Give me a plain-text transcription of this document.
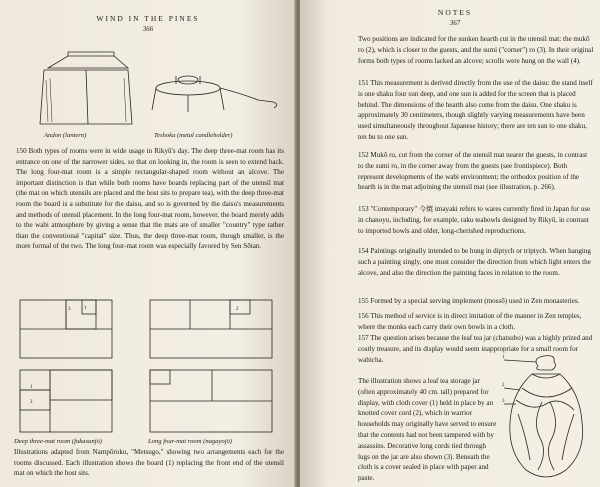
WIND IN THE PINES
366
Andon (lantern)	Teshoku (metal candleholder)
150 Both types of rooms were in wide usage in Rikyū's day. The deep three-mat room has its entrance on one of the narrower sides, so that on looking in, the room is seen to extend back. The long four-mat room is a simple rectangular-shaped room without an alcove. The important distinction is that while both rooms have boards replacing part of the utensil mat (the mat on which utensils are placed and the host sits to prepare tea), with the deep three-mat room the board is a substitute for the daisu, and so is governed by the daisu's measurements and methods of utensil placement. In the long four-mat room, however, the board merely adds to the wabi atmosphere by giving a sense that the mats are of smaller "country" type rather than the conventional "capital" size. Thus, the deep three-mat room, though smaller, is the more formal of the two. The long four-mat room was especially favored by Sen Sōtan.
3	1	2
1
2
Deep three-mat room (fukasanjō)	Long four-mat room (nagayojō)
Illustrations adapted from Nampōroku, "Metsugo," showing two arrangements each for the rooms discussed. Each illustration shows the board (1) replacing the front end of the utensil mat on which the host sits.
NOTES
367
Two positions are indicated for the sunken hearth cut in the utensil mat: the mukō ro (2), which is closer to the guests, and the sumi ("corner") ro (3). In their original forms both types of rooms lacked an alcove; scrolls were hung on the wall (4).
151 This measurement is derived directly from the use of the daisu: the stand itself is one shaku four sun deep, and one sun is added for the screen that is placed behind. The dimensions of the hearth also come from the daisu. One shaku is approximately 30 centimeters, though slightly varying measurements have been used simultaneously throughout Japanese history; there are ten sun to one shaku, ten bu to one sun.
152 Mukō ro, cut from the corner of the utensil mat nearer the guests, in contrast to the sumi ro, in the corner away from the guests (see frontispiece). Both represent developments of the wabi environment; the orthodox position of the hearth is in the mat adjoining the utensil mat (see illustration, p. 266).
153 "Contemporary" 今焼 imayaki refers to wares currently fired in Japan for use in chanoyu, including, for example, raku teabowls designed by Rikyū, in contrast to imported bowls and older, long-cherished reproductions.
154 Paintings originally intended to be hung in diptych or triptych. When hanging such a painting singly, one must consider the direction from which light enters the alcove, and also the direction the painting faces in relation to the room.
155 Formed by a special serving implement (mossō) used in Zen monasteries.
156 This method of service is in direct imitation of the manner in Zen temples, where the monks each carry their own bowls in a cloth.
157 The question arises because the leaf tea jar (chatsubo) was a highly prized and costly treasure, and its display would seem inappropriate for a small room for wabicha.
The illustration shows a leaf tea storage jar (often approximately 40 cm. tall) prepared for display, with cloth cover (1) held in place by an knotted cover cord (2), which in warrior households may originally have served to ensure that the contents had not been tampered with by assassins. Decorative long cords tied through lugs on the jar are also shown (3). Beneath the cloth is a cover sealed in place with paper and paste.
1
2
3
